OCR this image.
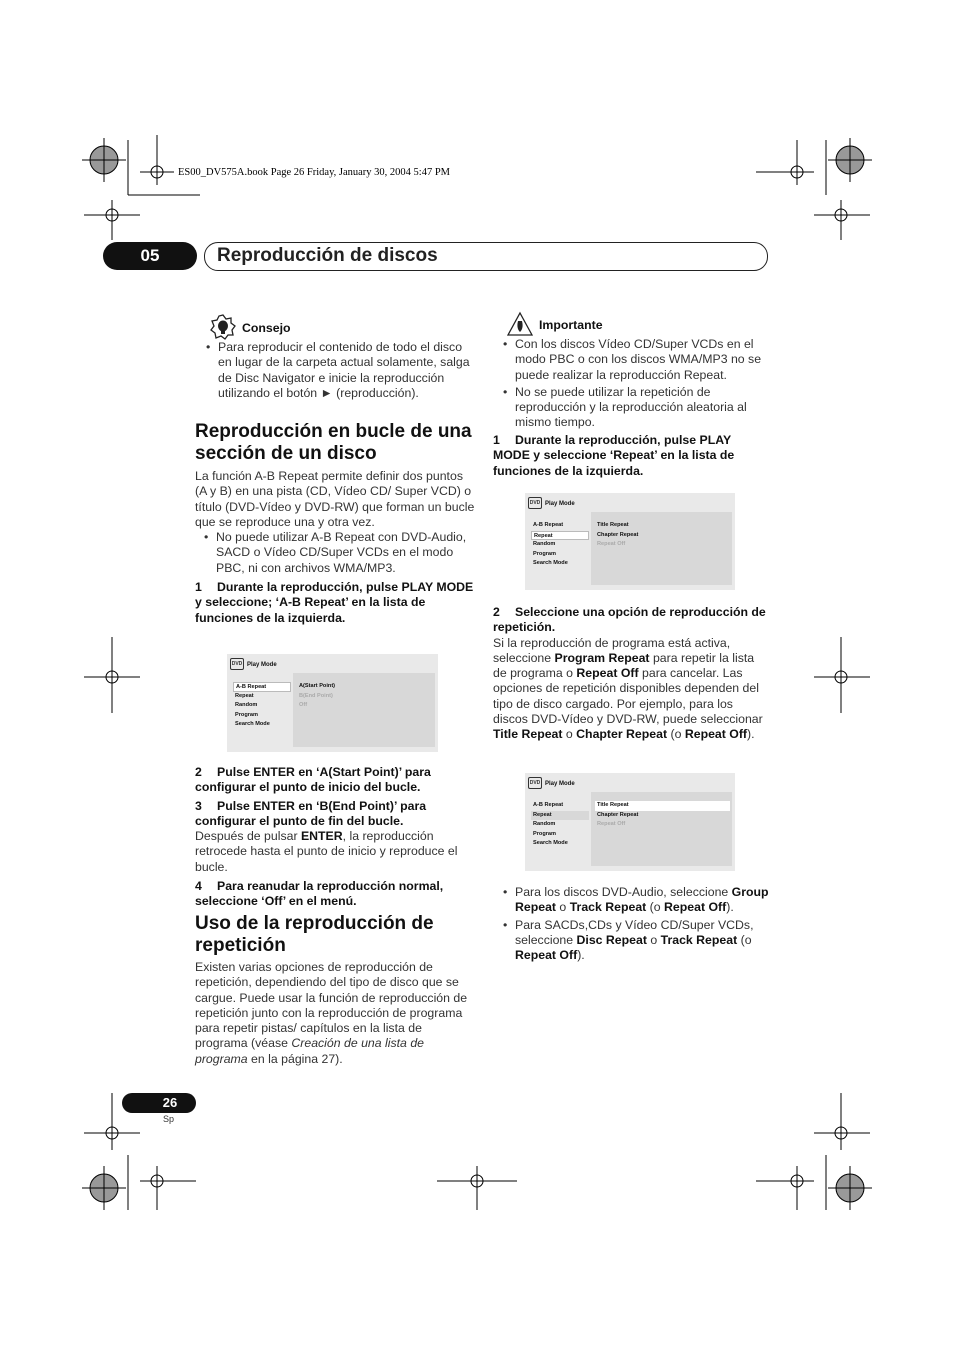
ES00_DV575A.book Page 26 Friday, January 30, 2004 5:47 PM
05	Reproducción de discos
Consejo
• Para reproducir el contenido de todo el disco en lugar de la carpeta actual solamente, salga de Disc Navigator e inicie la reproducción utilizando el botón ► (reproducción).

Reproducción en bucle de una sección de un disco

La función A-B Repeat permite definir dos puntos (A y B) en una pista (CD, Vídeo CD/ Super VCD) o título (DVD-Vídeo y DVD-RW) que forman un bucle que se reproduce una y otra vez.

• No puede utilizar A-B Repeat con DVD-Audio, SACD o Vídeo CD/Super VCDs en el modo PBC, ni con archivos WMA/MP3.
1 Durante la reproducción, pulse PLAY MODE y seleccione; ‘A-B Repeat’ en la lista de funciones de la izquierda.
DVD Play Mode
A-B Repeat
Repeat
Random
Program
Search Mode
A(Start Point)
B(End Point)
Off
2 Pulse ENTER en ‘A(Start Point)’ para configurar el punto de inicio del bucle.
3 Pulse ENTER en ‘B(End Point)’ para configurar el punto de fin del bucle.

Después de pulsar ENTER, la reproducción retrocede hasta el punto de inicio y reproduce el bucle.

4 Para reanudar la reproducción normal, seleccione ‘Off’ en el menú.

Uso de la reproducción de repetición

Existen varias opciones de reproducción de repetición, dependiendo del tipo de disco que se cargue. Puede usar la función de reproducción de repetición junto con la reproducción de programa para repetir pistas/ capítulos en la lista de programa (véase Creación de una lista de programa en la página 27).

Importante
• Con los discos Vídeo CD/Super VCDs en el modo PBC o con los discos WMA/MP3 no se puede realizar la reproducción Repeat.
• No se puede utilizar la repetición de reproducción y la reproducción aleatoria al mismo tiempo.
1 Durante la reproducción, pulse PLAY MODE y seleccione ‘Repeat’ en la lista de funciones de la izquierda.
DVD Play Mode
A-B Repeat
Repeat
Random
Program
Search Mode
Title Repeat
Chapter Repeat
Repeat Off
2 Seleccione una opción de reproducción de repetición.

Si la reproducción de programa está activa, seleccione Program Repeat para repetir la lista de programa o Repeat Off para cancelar. Las opciones de repetición disponibles dependen del tipo de disco cargado. Por ejemplo, para los discos DVD-Vídeo y DVD-RW, puede seleccionar Title Repeat o Chapter Repeat (o Repeat Off).

DVD Play Mode
A-B Repeat
Repeat
Random
Program
Search Mode
Title Repeat
Chapter Repeat
Repeat Off
• Para los discos DVD-Audio, seleccione Group Repeat o Track Repeat (o Repeat Off).
• Para SACDs,CDs y Vídeo CD/Super VCDs, seleccione Disc Repeat o Track Repeat (o Repeat Off).
26
Sp
